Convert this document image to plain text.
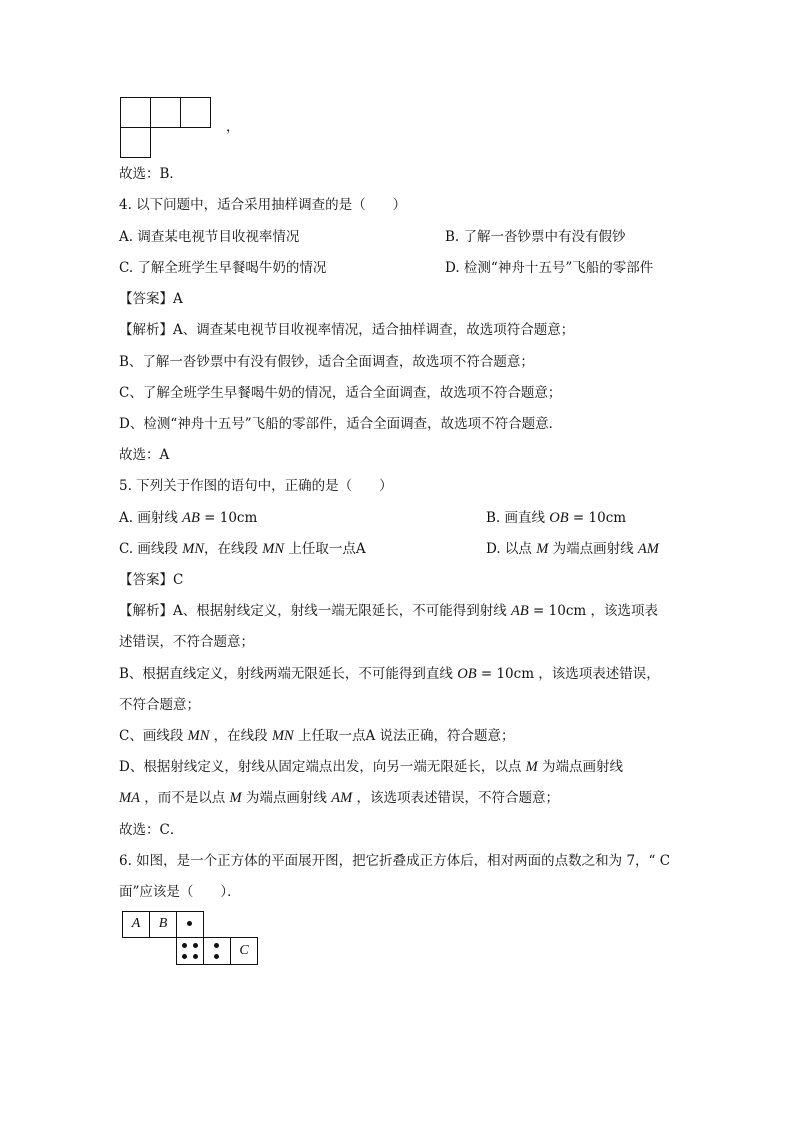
，
故选：B．
4. 以下问题中，适合采用抽样调查的是（　　）
A. 调查某电视节目收视率情况	B. 了解一沓钞票中有没有假钞
C. 了解全班学生早餐喝牛奶的情况	D. 检测“神舟十五号”飞船的零部件
【答案】A
【解析】A、调查某电视节目收视率情况，适合抽样调查，故选项符合题意；
B、了解一沓钞票中有没有假钞，适合全面调查，故选项不符合题意；
C、了解全班学生早餐喝牛奶的情况，适合全面调查，故选项不符合题意；
D、检测“神舟十五号”飞船的零部件，适合全面调查，故选项不符合题意．
故选：A
5. 下列关于作图的语句中，正确的是（　　）
A. 画射线 AB = 10cm	B. 画直线 OB = 10cm
C. 画线段 MN，在线段 MN 上任取一点A	D. 以点 M 为端点画射线 AM
【答案】C
【解析】A、根据射线定义，射线一端无限延长，不可能得到射线 AB = 10cm ，该选项表
述错误，不符合题意；
B、根据直线定义，射线两端无限延长，不可能得到直线 OB = 10cm ，该选项表述错误，
不符合题意；
C、画线段 MN ，在线段 MN 上任取一点A 说法正确，符合题意；
D、根据射线定义，射线从固定端点出发，向另一端无限延长，以点 M 为端点画射线
MA ，而不是以点 M 为端点画射线 AM ，该选项表述错误，不符合题意；
故选：C．
6. 如图，是一个正方体的平面展开图，把它折叠成正方体后，相对两面的点数之和为 7，“ C
面”应该是（　　）．
A	B
C
